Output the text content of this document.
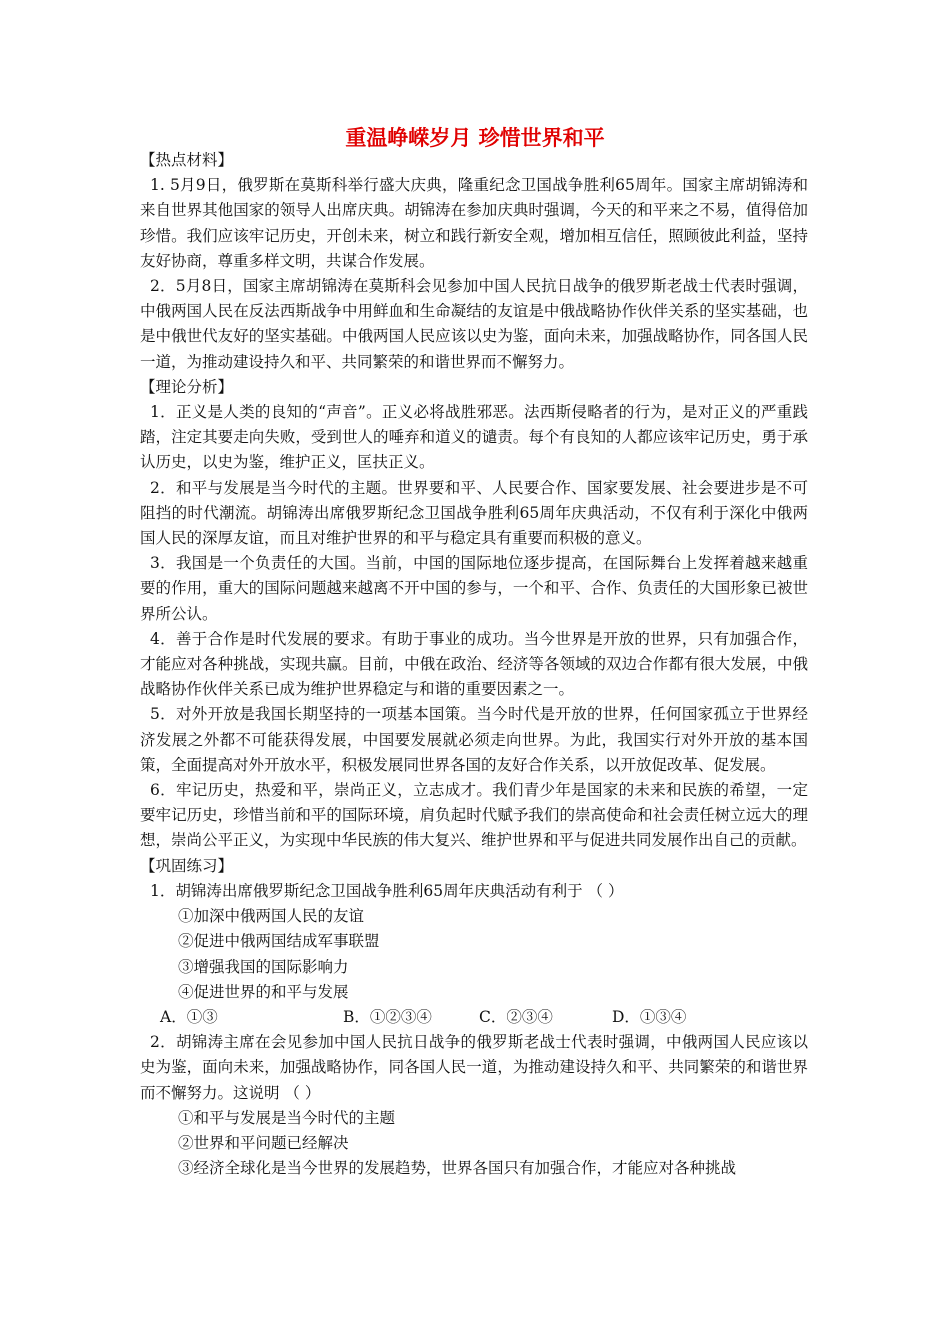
重温峥嵘岁月 珍惜世界和平

【热点材料】

1. 5月9日，俄罗斯在莫斯科举行盛大庆典，隆重纪念卫国战争胜利65周年。国家主席胡锦涛和来自世界其他国家的领导人出席庆典。胡锦涛在参加庆典时强调，今天的和平来之不易，值得倍加珍惜。我们应该牢记历史，开创未来，树立和践行新安全观，增加相互信任，照顾彼此利益，坚持友好协商，尊重多样文明，共谋合作发展。

2．5月8日，国家主席胡锦涛在莫斯科会见参加中国人民抗日战争的俄罗斯老战士代表时强调，中俄两国人民在反法西斯战争中用鲜血和生命凝结的友谊是中俄战略协作伙伴关系的坚实基础，也是中俄世代友好的坚实基础。中俄两国人民应该以史为鉴，面向未来，加强战略协作，同各国人民一道，为推动建设持久和平、共同繁荣的和谐世界而不懈努力。

【理论分析】

1．正义是人类的良知的“声音”。正义必将战胜邪恶。法西斯侵略者的行为，是对正义的严重践踏，注定其要走向失败，受到世人的唾弃和道义的谴责。每个有良知的人都应该牢记历史，勇于承认历史，以史为鉴，维护正义，匡扶正义。

2．和平与发展是当今时代的主题。世界要和平、人民要合作、国家要发展、社会要进步是不可阻挡的时代潮流。胡锦涛出席俄罗斯纪念卫国战争胜利65周年庆典活动，不仅有利于深化中俄两国人民的深厚友谊，而且对维护世界的和平与稳定具有重要而积极的意义。

3．我国是一个负责任的大国。当前，中国的国际地位逐步提高，在国际舞台上发挥着越来越重要的作用，重大的国际问题越来越离不开中国的参与，一个和平、合作、负责任的大国形象已被世界所公认。

4．善于合作是时代发展的要求。有助于事业的成功。当今世界是开放的世界，只有加强合作，才能应对各种挑战，实现共赢。目前，中俄在政治、经济等各领域的双边合作都有很大发展，中俄战略协作伙伴关系已成为维护世界稳定与和谐的重要因素之一。

5．对外开放是我国长期坚持的一项基本国策。当今时代是开放的世界，任何国家孤立于世界经济发展之外都不可能获得发展，中国要发展就必须走向世界。为此，我国实行对外开放的基本国策，全面提高对外开放水平，积极发展同世界各国的友好合作关系，以开放促改革、促发展。

6．牢记历史，热爱和平，崇尚正义，立志成才。我们青少年是国家的未来和民族的希望，一定要牢记历史，珍惜当前和平的国际环境，肩负起时代赋予我们的崇高使命和社会责任树立远大的理想，崇尚公平正义，为实现中华民族的伟大复兴、维护世界和平与促进共同发展作出自己的贡献。

【巩固练习】

1．胡锦涛出席俄罗斯纪念卫国战争胜利65周年庆典活动有利于 （ ）

①加深中俄两国人民的友谊

②促进中俄两国结成军事联盟

③增强我国的国际影响力

④促进世界的和平与发展

A．①③	B．①②③④	C．②③④	D．①③④

2．胡锦涛主席在会见参加中国人民抗日战争的俄罗斯老战士代表时强调，中俄两国人民应该以史为鉴，面向未来，加强战略协作，同各国人民一道，为推动建设持久和平、共同繁荣的和谐世界而不懈努力。这说明 （ ）

①和平与发展是当今时代的主题

②世界和平问题已经解决

③经济全球化是当今世界的发展趋势，世界各国只有加强合作，才能应对各种挑战
